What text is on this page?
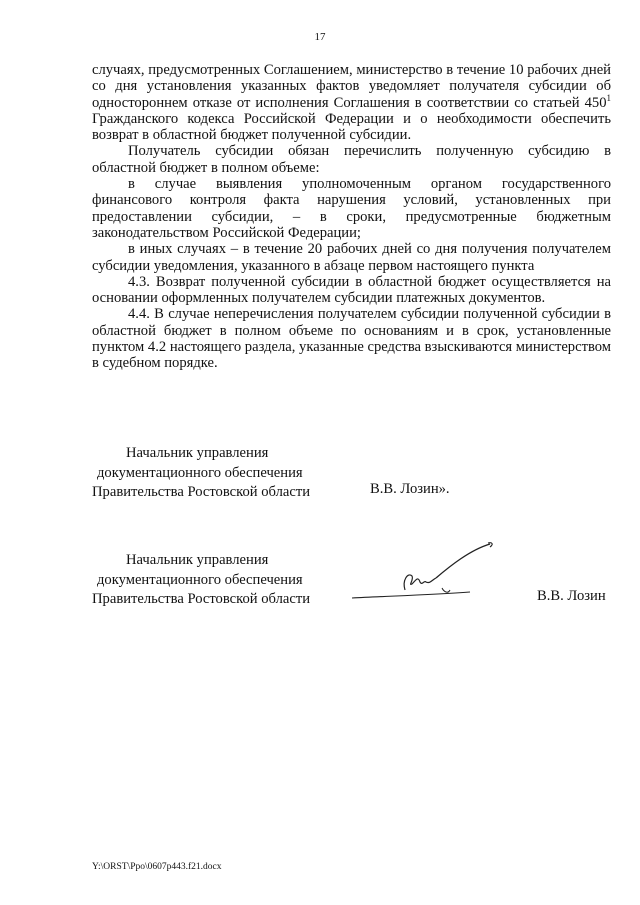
17

случаях, предусмотренных Соглашением, министерство в течение 10 рабочих дней со дня установления указанных фактов уведомляет получателя субсидии об одностороннем отказе от исполнения Соглашения в соответствии со статьей $450^1$ Гражданского кодекса Российской Федерации и о необходимости обеспечить возврат в областной бюджет полученной субсидии.

Получатель субсидии обязан перечислить полученную субсидию в областной бюджет в полном объеме:

в случае выявления уполномоченным органом государственного финансового контроля факта нарушения условий, установленных при предоставлении субсидии, – в сроки, предусмотренные бюджетным законодательством Российской Федерации;

в иных случаях – в течение 20 рабочих дней со дня получения получателем субсидии уведомления, указанного в абзаце первом настоящего пункта

4.3. Возврат полученной субсидии в областной бюджет осуществляется на основании оформленных получателем субсидии платежных документов.

4.4. В случае неперечисления получателем субсидии полученной субсидии в областной бюджет в полном объеме по основаниям и в срок, установленные пунктом 4.2 настоящего раздела, указанные средства взыскиваются министерством в судебном порядке.

Начальник управления
документационного обеспечения
Правительства Ростовской области	В.В. Лозин».
Начальник управления
документационного обеспечения
Правительства Ростовской области	В.В. Лозин
Y:\ORST\Ppo\0607p443.f21.docx
